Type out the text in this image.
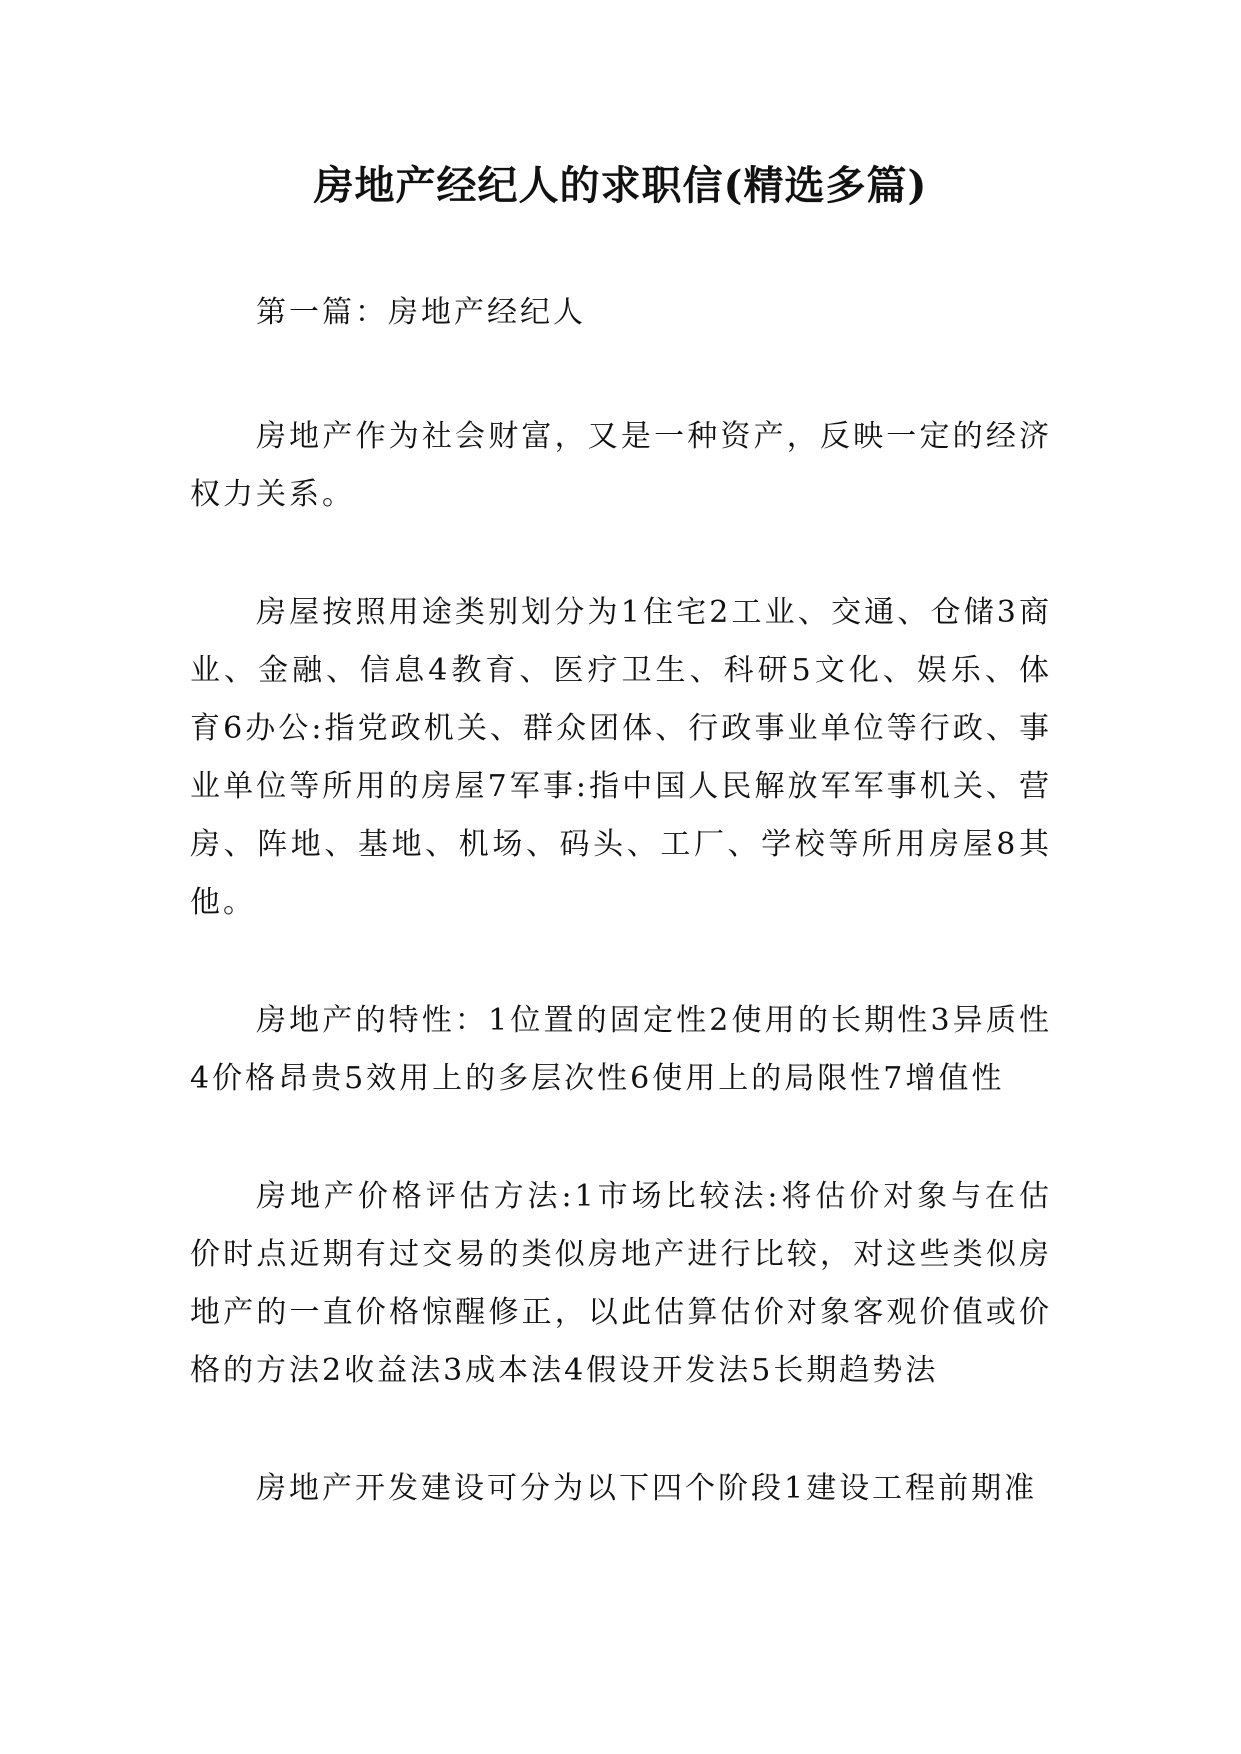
房地产经纪人的求职信(精选多篇)

第一篇：房地产经纪人

房地产作为社会财富，又是一种资产，反映一定的经济权力关系。

房屋按照用途类别划分为1住宅2工业、交通、仓储3商业、金融、信息4教育、医疗卫生、科研5文化、娱乐、体育6办公:指党政机关、群众团体、行政事业单位等行政、事业单位等所用的房屋7军事:指中国人民解放军军事机关、营房、阵地、基地、机场、码头、工厂、学校等所用房屋8其他。

房地产的特性：1位置的固定性2使用的长期性3异质性4价格昂贵5效用上的多层次性6使用上的局限性7增值性

房地产价格评估方法:1市场比较法:将估价对象与在估价时点近期有过交易的类似房地产进行比较，对这些类似房地产的一直价格惊醒修正，以此估算估价对象客观价值或价格的方法2收益法3成本法4假设开发法5长期趋势法

房地产开发建设可分为以下四个阶段1建设工程前期准
